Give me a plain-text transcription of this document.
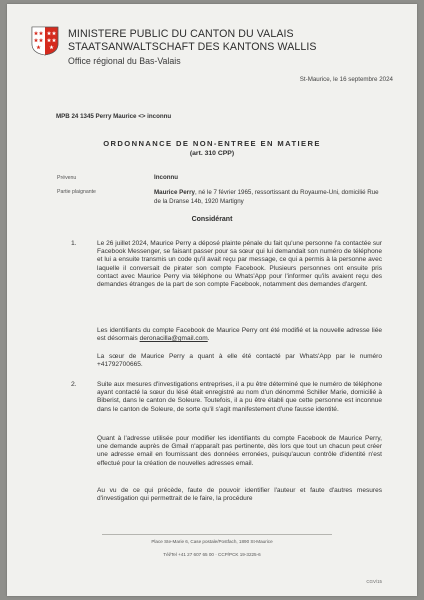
MINISTERE PUBLIC DU CANTON DU VALAIS
STAATSANWALTSCHAFT DES KANTONS WALLIS
Office régional du Bas-Valais
St-Maurice, le 16 septembre 2024
MPB 24 1345 Perry Maurice <> inconnu
ORDONNANCE DE NON-ENTREE EN MATIERE
(art. 310 CPP)
Prévenu	Inconnu
Partie plaignante	Maurice Perry, né le 7 février 1965, ressortissant du Royaume-Uni, domicilié Rue de la Dranse 14b, 1920 Martigny
Considérant
1.	Le 26 juillet 2024, Maurice Perry a déposé plainte pénale du fait qu'une personne l'a contactée sur Facebook Messenger, se faisant passer pour sa sœur qui lui demandait son numéro de téléphone et lui a ensuite transmis un code qu'il avait reçu par message, ce qui a permis à la personne avec laquelle il conversait de pirater son compte Facebook. Plusieurs personnes ont ensuite pris contact avec Maurice Perry via téléphone ou Whats'App pour l'informer qu'ils avaient reçu des demandes étranges de la part de son compte Facebook, notamment des demandes d'argent.
Les identifiants du compte Facebook de Maurice Perry ont été modifié et la nouvelle adresse liée est désormais deronacilla@gmail.com.
La sœur de Maurice Perry a quant à elle été contacté par Whats'App par le numéro +41792700665.
2.	Suite aux mesures d'investigations entreprises, il a pu être déterminé que le numéro de téléphone ayant contacté la sœur du lésé était enregistré au nom d'un dénommé Schiller Marie, domicilié à Biberist, dans le canton de Soleure. Toutefois, il a pu être établi que cette personne est inconnue dans le canton de Soleure, de sorte qu'il s'agit manifestement d'une fausse identité.
Quant à l'adresse utilisée pour modifier les identifiants du compte Facebook de Maurice Perry, une demande auprès de Gmail n'apparaît pas pertinente, dès lors que tout un chacun peut créer une adresse email en fournissant des données erronées, puisqu'aucun contrôle d'identité n'est effectué pour la création de nouvelles adresses email.
Au vu de ce qui précède, faute de pouvoir identifier l'auteur et faute d'autres mesures d'investigation qui permettrait de le faire, la procédure
Place Ste-Marie 6, Case postale/Postfach, 1890 St-Maurice
Tél/Tel +41 27 607 65 00 · CCP/PCK 19-3225-6
CGV/15
